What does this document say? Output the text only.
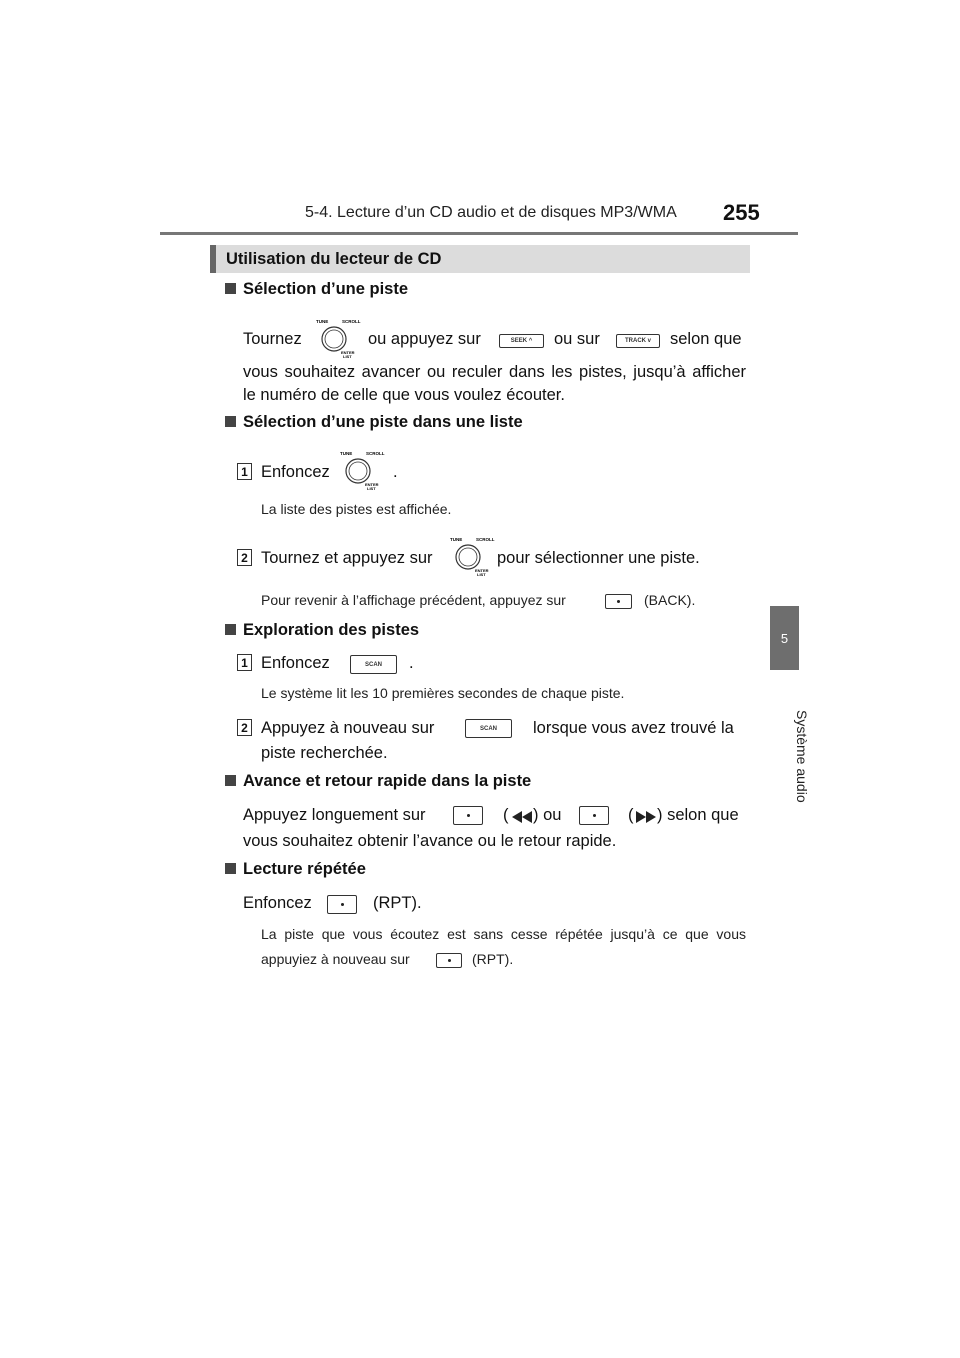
5-4. Lecture d’un CD audio et de disques MP3/WMA 255
5
Système audio
Utilisation du lecteur de CD
Sélection d’une piste
Tournez
TUNE	SCROLL
ENTER
LIST
ou appuyez sur	SEEK ^	ou sur	TRACK v	selon que
vous souhaitez avancer ou reculer dans les pistes, jusqu’à afficher
le numéro de celle que vous voulez écouter.
Sélection d’une piste dans une liste
1 Enfoncez
TUNE	SCROLL
ENTER
LIST
.
La liste des pistes est affichée.
2 Tournez et appuyez sur
TUNE	SCROLL
ENTER
LIST
pour sélectionner une piste.
Pour revenir à l’affichage précédent, appuyez sur	(BACK).
Exploration des pistes
1 Enfoncez	SCAN .
Le système lit les 10 premières secondes de chaque piste.
2 Appuyez à nouveau sur	SCAN lorsque vous avez trouvé la
piste recherchée.
Avance et retour rapide dans la piste
Appuyez longuement sur	( ) ou	( ) selon que
vous souhaitez obtenir l’avance ou le retour rapide.
Lecture répétée
Enfoncez	(RPT).
La piste que vous écoutez est sans cesse répétée jusqu’à ce que vous
appuyiez à nouveau sur	(RPT).
